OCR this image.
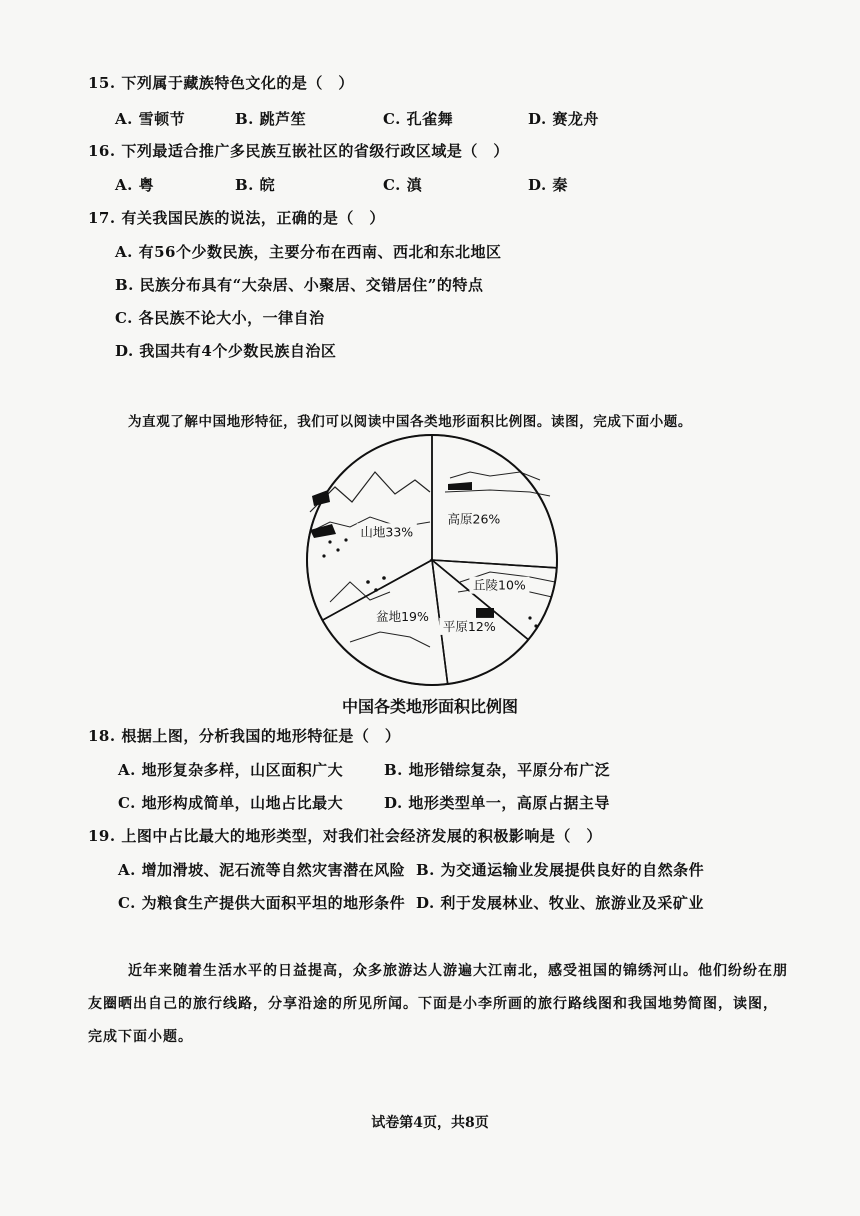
15. 下列属于藏族特色文化的是（　）
A. 雪顿节	B. 跳芦笙	C. 孔雀舞	D. 赛龙舟
16. 下列最适合推广多民族互嵌社区的省级行政区域是（　）
A. 粤	B. 皖	C. 滇	D. 秦
17. 有关我国民族的说法，正确的是（　）
A. 有56个少数民族，主要分布在西南、西北和东北地区
B. 民族分布具有“大杂居、小聚居、交错居住”的特点
C. 各民族不论大小，一律自治
D. 我国共有4个少数民族自治区
为直观了解中国地形特征，我们可以阅读中国各类地形面积比例图。读图，完成下面小题。
山地33%
高原26%
丘陵10%
平原12%
盆地19%
中国各类地形面积比例图
18. 根据上图，分析我国的地形特征是（　）
A. 地形复杂多样，山区面积广大	B. 地形错综复杂，平原分布广泛
C. 地形构成简单，山地占比最大	D. 地形类型单一，高原占据主导
19. 上图中占比最大的地形类型，对我们社会经济发展的积极影响是（　）
A. 增加滑坡、泥石流等自然灾害潜在风险 B. 为交通运输业发展提供良好的自然条件
C. 为粮食生产提供大面积平坦的地形条件 D. 利于发展林业、牧业、旅游业及采矿业
近年来随着生活水平的日益提高，众多旅游达人游遍大江南北，感受祖国的锦绣河山。他们纷纷在朋
友圈晒出自己的旅行线路，分享沿途的所见所闻。下面是小李所画的旅行路线图和我国地势简图，读图，
完成下面小题。
试卷第4页，共8页
